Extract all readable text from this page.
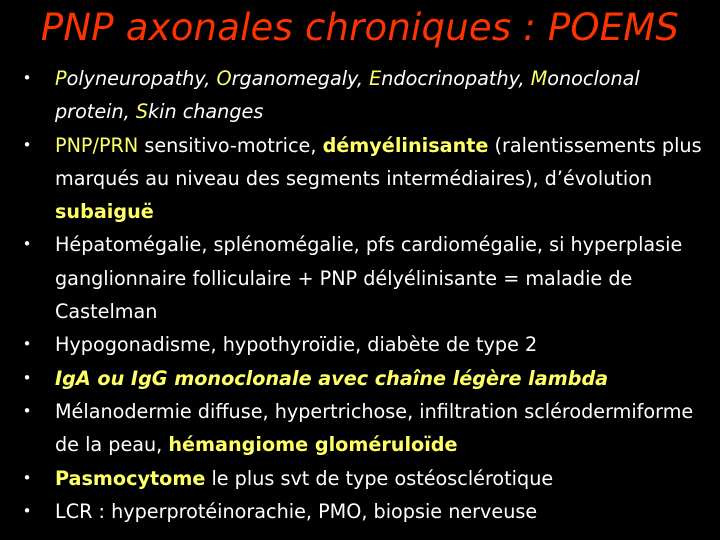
PNP axonales chroniques : POEMS
• Polyneuropathy, Organomegaly, Endocrinopathy, Monoclonal protein, Skin changes
• PNP/PRN sensitivo-motrice, démyélinisante (ralentissements plus marqués au niveau des segments intermédiaires), d’évolution subaiguë
• Hépatomégalie, splénomégalie, pfs cardiomégalie, si hyperplasie ganglionnaire folliculaire + PNP délyélinisante = maladie de Castelman
• Hypogonadisme, hypothyroïdie, diabète de type 2
• IgA ou IgG monoclonale avec chaîne légère lambda
• Mélanodermie diffuse, hypertrichose, infiltration sclérodermiforme de la peau, hémangiome gloméruloïde
• Pasmocytome le plus svt de type ostéosclérotique
• LCR : hyperprotéinorachie, PMO, biopsie nerveuse
